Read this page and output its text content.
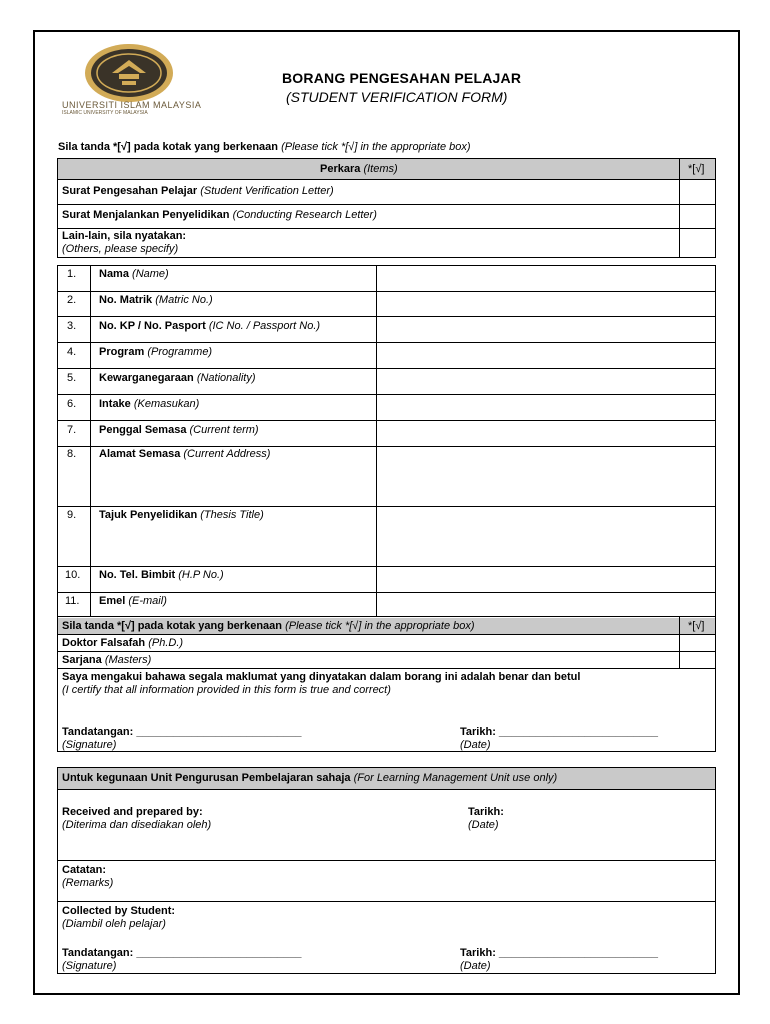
UNIVERSITI ISLAM MALAYSIA
ISLAMIC UNIVERSITY OF MALAYSIA
BORANG PENGESAHAN PELAJAR
(STUDENT VERIFICATION FORM)
Sila tanda *[√] pada kotak yang berkenaan (Please tick *[√] in the appropriate box)
Perkara (Items)	*[√]
Surat Pengesahan Pelajar (Student Verification Letter)
Surat Menjalankan Penyelidikan (Conducting Research Letter)
Lain-lain, sila nyatakan:
(Others, please specify)
1. Nama (Name)
2. No. Matrik (Matric No.)
3. No. KP / No. Pasport (IC No. / Passport No.)
4. Program (Programme)
5. Kewarganegaraan (Nationality)
6. Intake (Kemasukan)
7. Penggal Semasa (Current term)
8. Alamat Semasa (Current Address)
9. Tajuk Penyelidikan (Thesis Title)
10. No. Tel. Bimbit (H.P No.)
11. Emel (E-mail)
Sila tanda *[√] pada kotak yang berkenaan (Please tick *[√] in the appropriate box)	*[√]
Doktor Falsafah (Ph.D.)
Sarjana (Masters)
Saya mengakui bahawa segala maklumat yang dinyatakan dalam borang ini adalah benar dan betul
(I certify that all information provided in this form is true and correct)
Tandatangan: ___________________________
(Signature)
Tarikh: __________________________
(Date)
Untuk kegunaan Unit Pengurusan Pembelajaran sahaja (For Learning Management Unit use only)
Received and prepared by:
(Diterima dan disediakan oleh)
Tarikh:
(Date)
Catatan:
(Remarks)
Collected by Student:
(Diambil oleh pelajar)
Tandatangan: ___________________________
(Signature)
Tarikh: __________________________
(Date)
